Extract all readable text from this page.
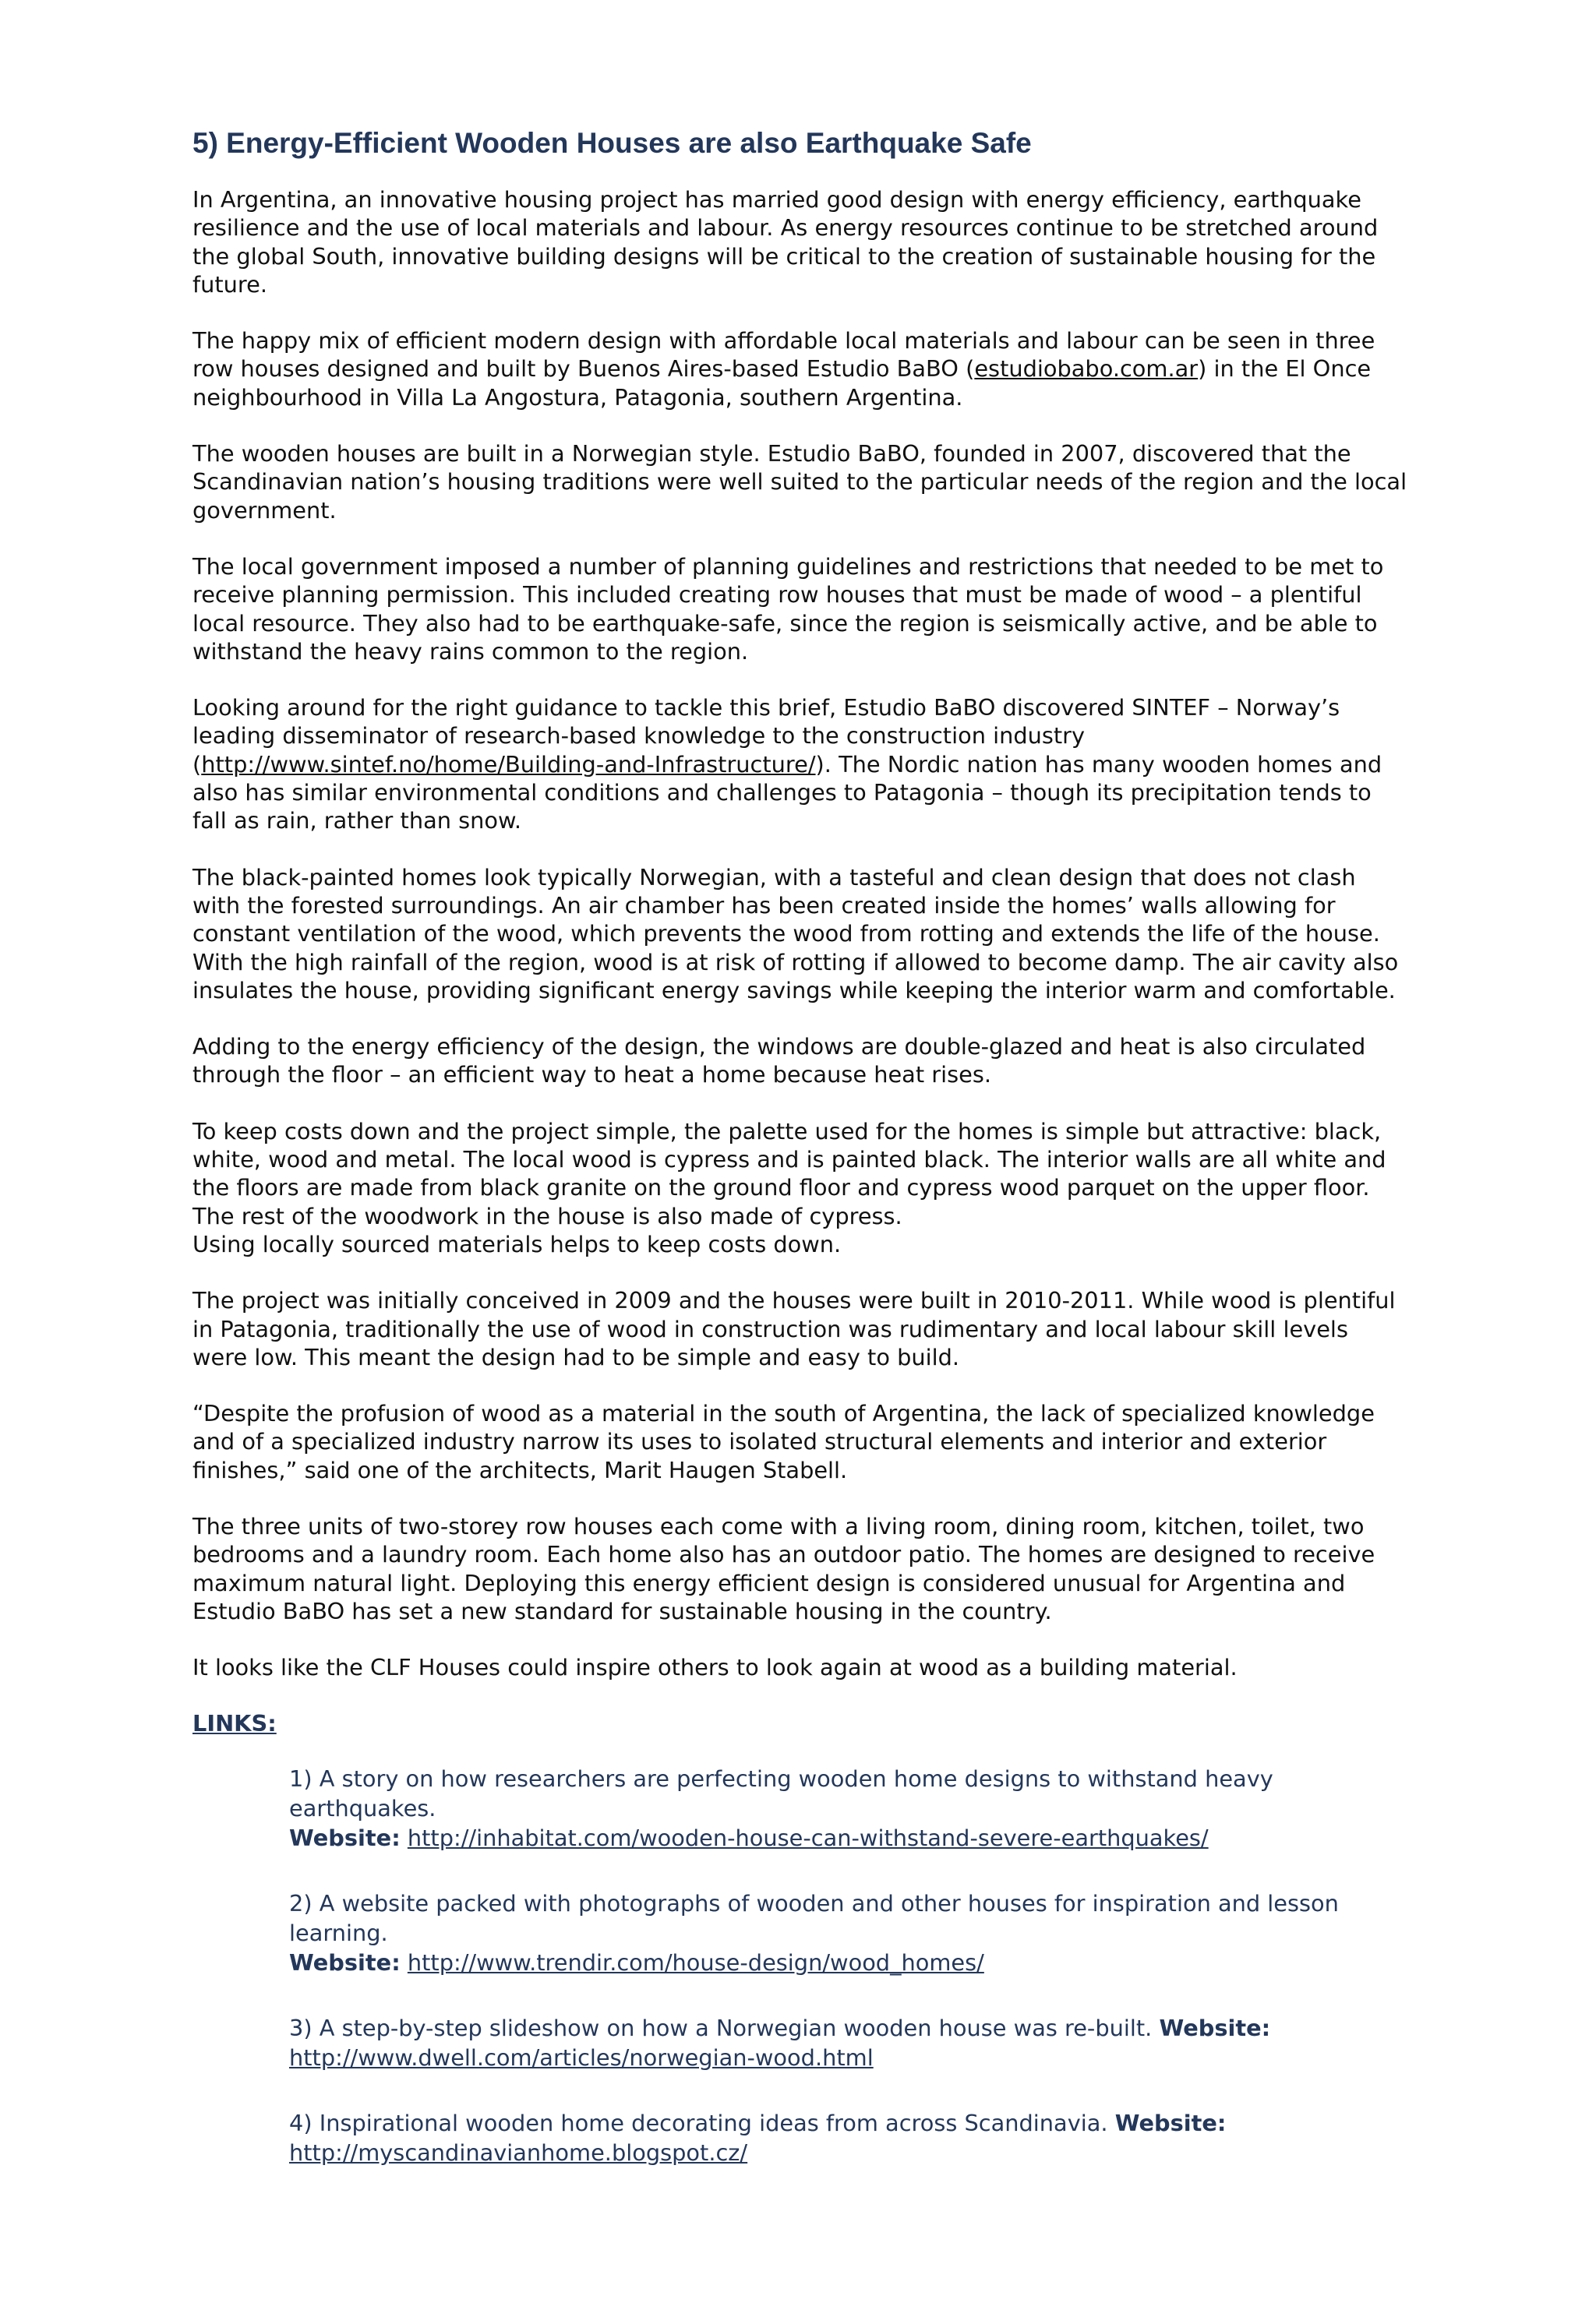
5) Energy-Efficient Wooden Houses are also Earthquake Safe

In Argentina, an innovative housing project has married good design with energy efficiency, earthquake resilience and the use of local materials and labour. As energy resources continue to be stretched around the global South, innovative building designs will be critical to the creation of sustainable housing for the future.

The happy mix of efficient modern design with affordable local materials and labour can be seen in three row houses designed and built by Buenos Aires-based Estudio BaBO (estudiobabo.com.ar) in the El Once neighbourhood in Villa La Angostura, Patagonia, southern Argentina.

The wooden houses are built in a Norwegian style. Estudio BaBO, founded in 2007, discovered that the Scandinavian nation’s housing traditions were well suited to the particular needs of the region and the local government.

The local government imposed a number of planning guidelines and restrictions that needed to be met to receive planning permission. This included creating row houses that must be made of wood – a plentiful local resource. They also had to be earthquake-safe, since the region is seismically active, and be able to withstand the heavy rains common to the region.

Looking around for the right guidance to tackle this brief, Estudio BaBO discovered SINTEF – Norway’s leading disseminator of research-based knowledge to the construction industry (http://www.sintef.no/home/Building-and-Infrastructure/). The Nordic nation has many wooden homes and also has similar environmental conditions and challenges to Patagonia – though its precipitation tends to fall as rain, rather than snow.

The black-painted homes look typically Norwegian, with a tasteful and clean design that does not clash with the forested surroundings. An air chamber has been created inside the homes’ walls allowing for constant ventilation of the wood, which prevents the wood from rotting and extends the life of the house. With the high rainfall of the region, wood is at risk of rotting if allowed to become damp. The air cavity also insulates the house, providing significant energy savings while keeping the interior warm and comfortable.

Adding to the energy efficiency of the design, the windows are double-glazed and heat is also circulated through the floor – an efficient way to heat a home because heat rises.

To keep costs down and the project simple, the palette used for the homes is simple but attractive: black, white, wood and metal. The local wood is cypress and is painted black. The interior walls are all white and the floors are made from black granite on the ground floor and cypress wood parquet on the upper floor. The rest of the woodwork in the house is also made of cypress.
Using locally sourced materials helps to keep costs down.

The project was initially conceived in 2009 and the houses were built in 2010-2011. While wood is plentiful in Patagonia, traditionally the use of wood in construction was rudimentary and local labour skill levels were low. This meant the design had to be simple and easy to build.

“Despite the profusion of wood as a material in the south of Argentina, the lack of specialized knowledge and of a specialized industry narrow its uses to isolated structural elements and interior and exterior finishes,” said one of the architects, Marit Haugen Stabell.

The three units of two-storey row houses each come with a living room, dining room, kitchen, toilet, two bedrooms and a laundry room. Each home also has an outdoor patio. The homes are designed to receive maximum natural light. Deploying this energy efficient design is considered unusual for Argentina and Estudio BaBO has set a new standard for sustainable housing in the country.

It looks like the CLF Houses could inspire others to look again at wood as a building material.

LINKS:
1) A story on how researchers are perfecting wooden home designs to withstand heavy earthquakes.
Website: http://inhabitat.com/wooden-house-can-withstand-severe-earthquakes/
2) A website packed with photographs of wooden and other houses for inspiration and lesson learning.
Website: http://www.trendir.com/house-design/wood_homes/
3) A step-by-step slideshow on how a Norwegian wooden house was re-built. Website:
http://www.dwell.com/articles/norwegian-wood.html
4) Inspirational wooden home decorating ideas from across Scandinavia. Website:
http://myscandinavianhome.blogspot.cz/
